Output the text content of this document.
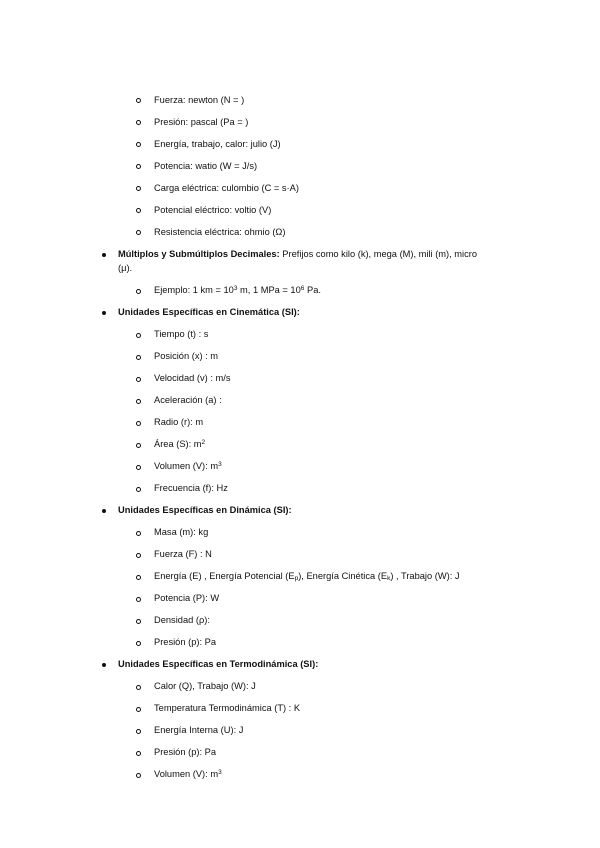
Fuerza: newton (N = )
Presión: pascal (Pa = )
Energía, trabajo, calor: julio (J)
Potencia: watio (W = J/s)
Carga eléctrica: culombio (C = s·A)
Potencial eléctrico: voltio (V)
Resistencia eléctrica: ohmio (Ω)
Múltiplos y Submúltiplos Decimales: Prefijos como kilo (k), mega (M), mili (m), micro
(μ).
Ejemplo: 1 km = $10^3$ m, 1 MPa = $10^6$ Pa.
Unidades Específicas en Cinemática (SI):
Tiempo (t) : s
Posición (x) : m
Velocidad (v) : m/s
Aceleración (a) :
Radio (r): m
Área (S): $m^2$
Volumen (V): $m^3$
Frecuencia (f): Hz
Unidades Específicas en Dinámica (SI):
Masa (m): kg
Fuerza (F) : N
Energía (E) , Energía Potencial $(E_p)$, Energía Cinética $(E_k)$ , Trabajo (W): J
Potencia (P): W
Densidad (ρ):
Presión (p): Pa
Unidades Específicas en Termodinámica (SI):
Calor (Q), Trabajo (W): J
Temperatura Termodinámica (T) : K
Energía Interna (U): J
Presión (p): Pa
Volumen (V): $m^3$
